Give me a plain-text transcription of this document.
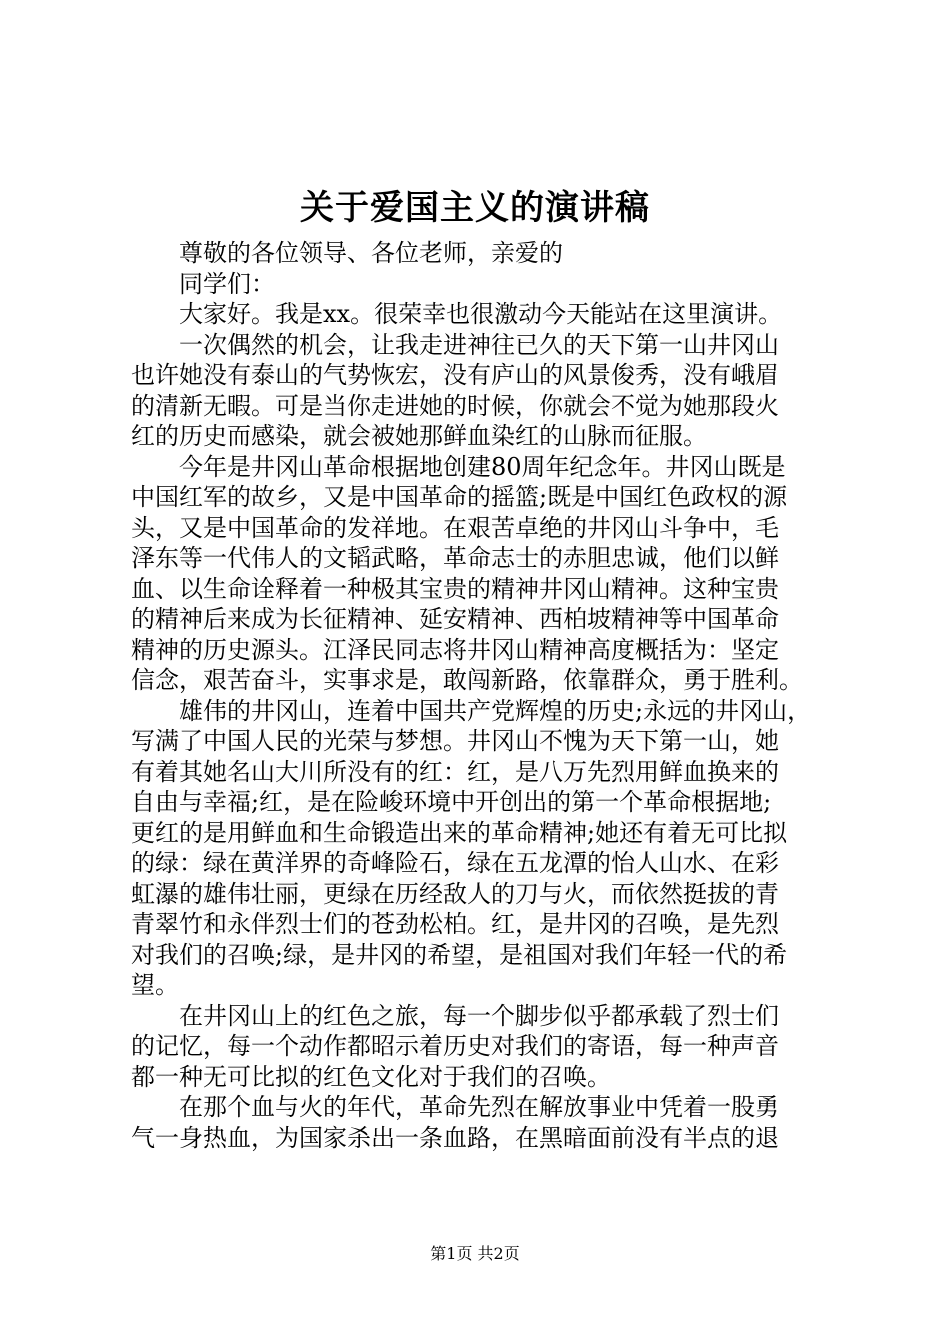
关于爱国主义的演讲稿
尊敬的各位领导、各位老师，亲爱的
同学们：
大家好。我是xx。很荣幸也很激动今天能站在这里演讲。
一次偶然的机会，让我走进神往已久的天下第一山井冈山
也许她没有泰山的气势恢宏，没有庐山的风景俊秀，没有峨眉
的清新无暇。可是当你走进她的时候，你就会不觉为她那段火
红的历史而感染，就会被她那鲜血染红的山脉而征服。
今年是井冈山革命根据地创建80周年纪念年。井冈山既是
中国红军的故乡，又是中国革命的摇篮;既是中国红色政权的源
头，又是中国革命的发祥地。在艰苦卓绝的井冈山斗争中，毛
泽东等一代伟人的文韬武略，革命志士的赤胆忠诚，他们以鲜
血、以生命诠释着一种极其宝贵的精神井冈山精神。这种宝贵
的精神后来成为长征精神、延安精神、西柏坡精神等中国革命
精神的历史源头。江泽民同志将井冈山精神高度概括为：坚定
信念，艰苦奋斗，实事求是，敢闯新路，依靠群众，勇于胜利。
雄伟的井冈山，连着中国共产党辉煌的历史;永远的井冈山，
写满了中国人民的光荣与梦想。井冈山不愧为天下第一山，她
有着其她名山大川所没有的红：红，是八万先烈用鲜血换来的
自由与幸福;红，是在险峻环境中开创出的第一个革命根据地;
更红的是用鲜血和生命锻造出来的革命精神;她还有着无可比拟
的绿：绿在黄洋界的奇峰险石，绿在五龙潭的怡人山水、在彩
虹瀑的雄伟壮丽，更绿在历经敌人的刀与火，而依然挺拔的青
青翠竹和永伴烈士们的苍劲松柏。红，是井冈的召唤，是先烈
对我们的召唤;绿，是井冈的希望，是祖国对我们年轻一代的希
望。
在井冈山上的红色之旅，每一个脚步似乎都承载了烈士们
的记忆，每一个动作都昭示着历史对我们的寄语，每一种声音
都一种无可比拟的红色文化对于我们的召唤。
在那个血与火的年代，革命先烈在解放事业中凭着一股勇
气一身热血，为国家杀出一条血路，在黑暗面前没有半点的退
第1页 共2页
